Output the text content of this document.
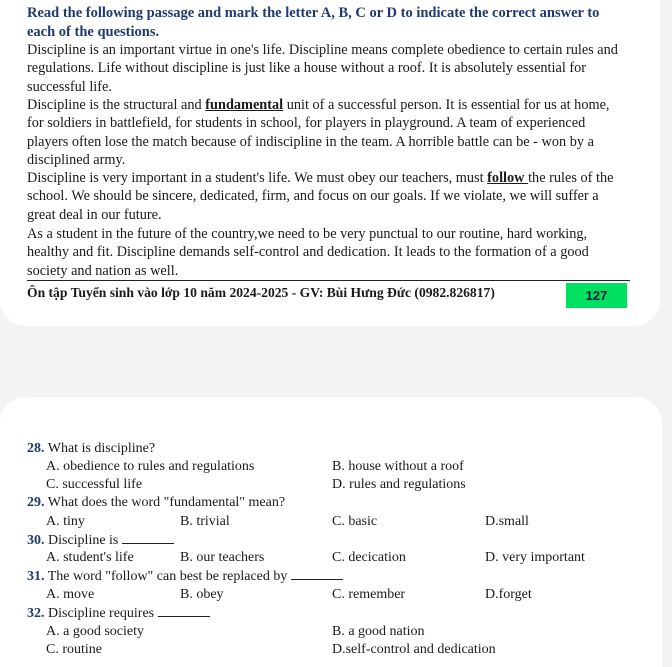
Read the following passage and mark the letter A, B, C or D to indicate the correct answer to each of the questions.
Discipline is an important virtue in one's life. Discipline means complete obedience to certain rules and regulations. Life without discipline is just like a house without a roof. It is absolutely essential for successful life.
Discipline is the structural and fundamental unit of a successful person. It is essential for us at home, for soldiers in battlefield, for students in school, for players in playground. A team of experienced players often lose the match because of indiscipline in the team. A horrible battle can be - won by a disciplined army.
Discipline is very important in a student's life. We must obey our teachers, must follow the rules of the school. We should be sincere, dedicated, firm, and focus on our goals. If we violate, we will suffer a great deal in our future.
As a student in the future of the country,we need to be very punctual to our routine, hard working, healthy and fit. Discipline demands self-control and dedication. It leads to the formation of a good society and nation as well.
Ôn tập Tuyển sinh vào lớp 10 năm 2024-2025 - GV: Bùi Hưng Đức (0982.826817)	127
28. What is discipline?
A. obedience to rules and regulations	B. house without a roof
C. successful life	D. rules and regulations
29. What does the word "fundamental" mean?
A. tiny	B. trivial	C. basic	D.small
30. Discipline is
A. student's life	B. our teachers	C. decication	D. very important
31. The word "follow" can best be replaced by
A. move	B. obey	C. remember	D.forget
32. Discipline requires
A. a good society	B. a good nation
C. routine	D.self-control and dedication
